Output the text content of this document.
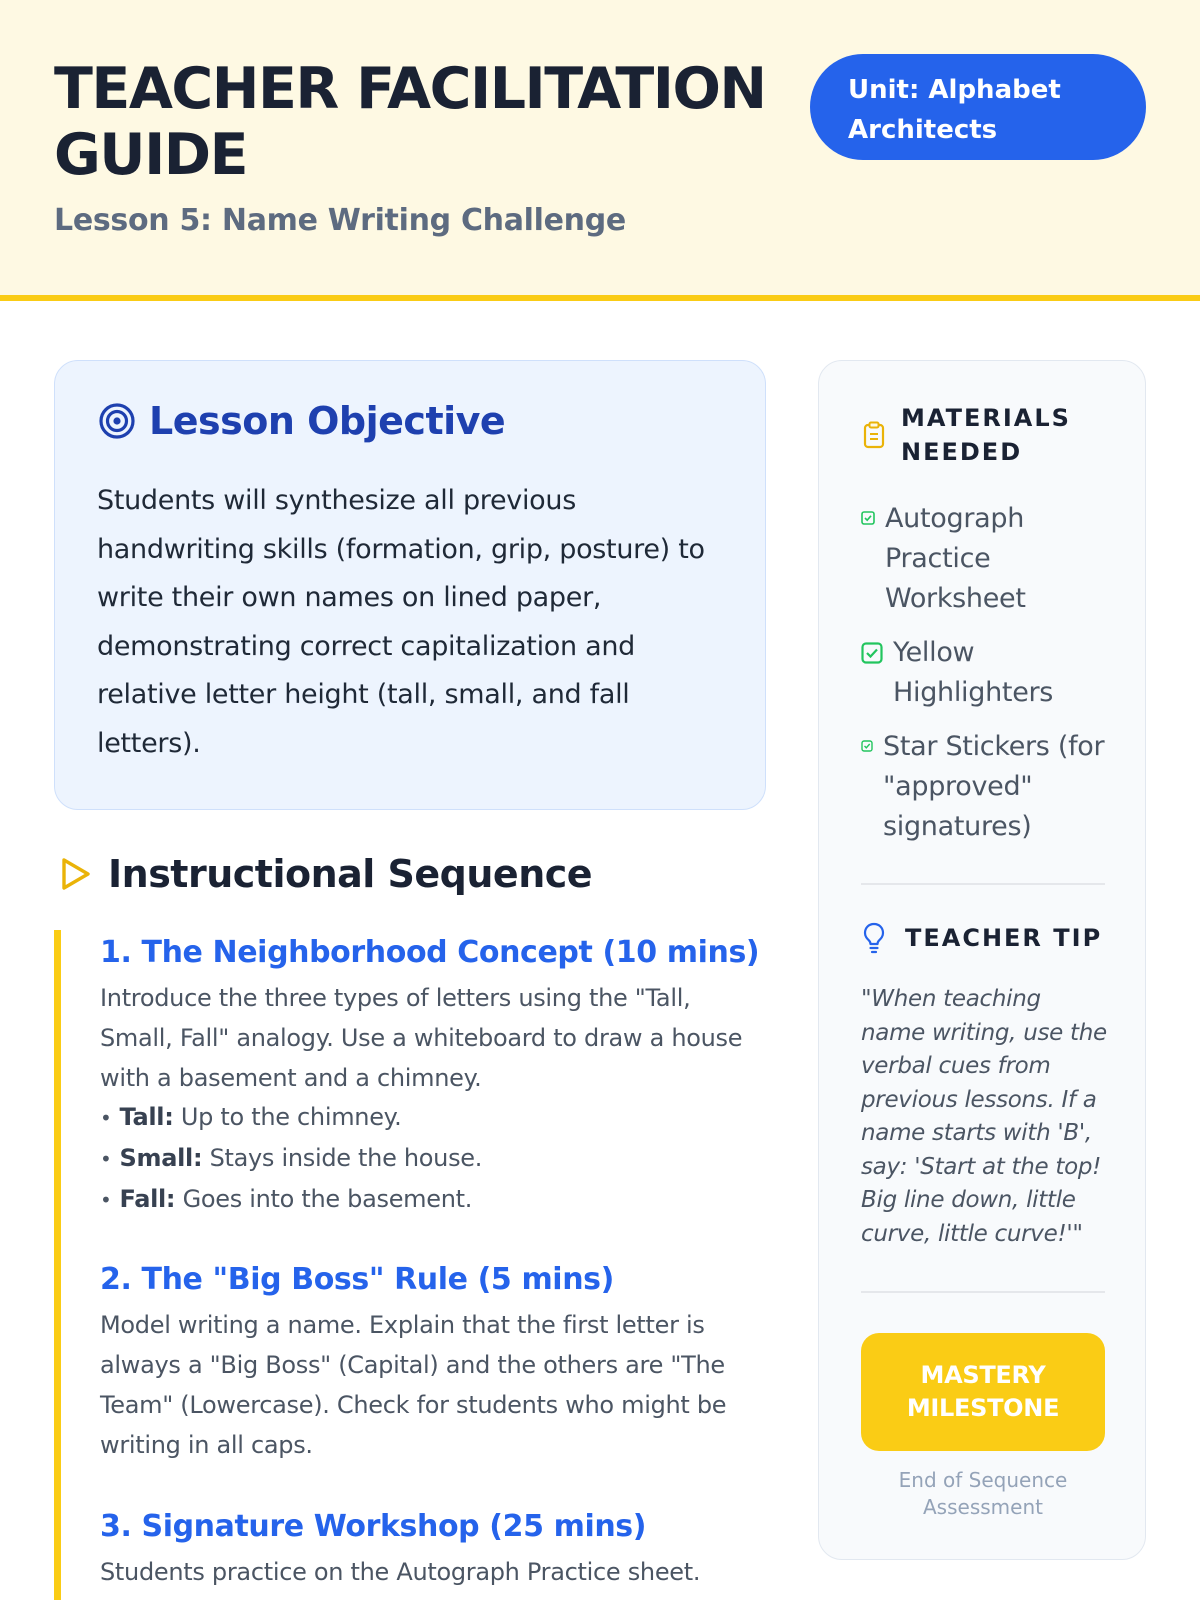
TEACHER FACILITATION GUIDE
Lesson 5: Name Writing Challenge
Unit: Alphabet Architects
Lesson Objective

Students will synthesize all previous handwriting skills (formation, grip, posture) to write their own names on lined paper, demonstrating correct capitalization and relative letter height (tall, small, and fall letters).

Instructional Sequence
1. The Neighborhood Concept (10 mins)

Introduce the three types of letters using the "Tall, Small, Fall" analogy. Use a whiteboard to draw a house with a basement and a chimney.

• Tall: Up to the chimney.
• Small: Stays inside the house.
• Fall: Goes into the basement.
2. The "Big Boss" Rule (5 mins)

Model writing a name. Explain that the first letter is always a "Big Boss" (Capital) and the others are "The Team" (Lowercase). Check for students who might be writing in all caps.

3. Signature Workshop (25 mins)

Students practice on the Autograph Practice sheet.

MATERIALS
NEEDED
Autograph Practice Worksheet
Yellow Highlighters
Star Stickers (for "approved" signatures)
TEACHER TIP

"When teaching name writing, use the verbal cues from previous lessons. If a name starts with 'B', say: 'Start at the top! Big line down, little curve, little curve!'"

MASTERY
MILESTONE

End of Sequence Assessment
